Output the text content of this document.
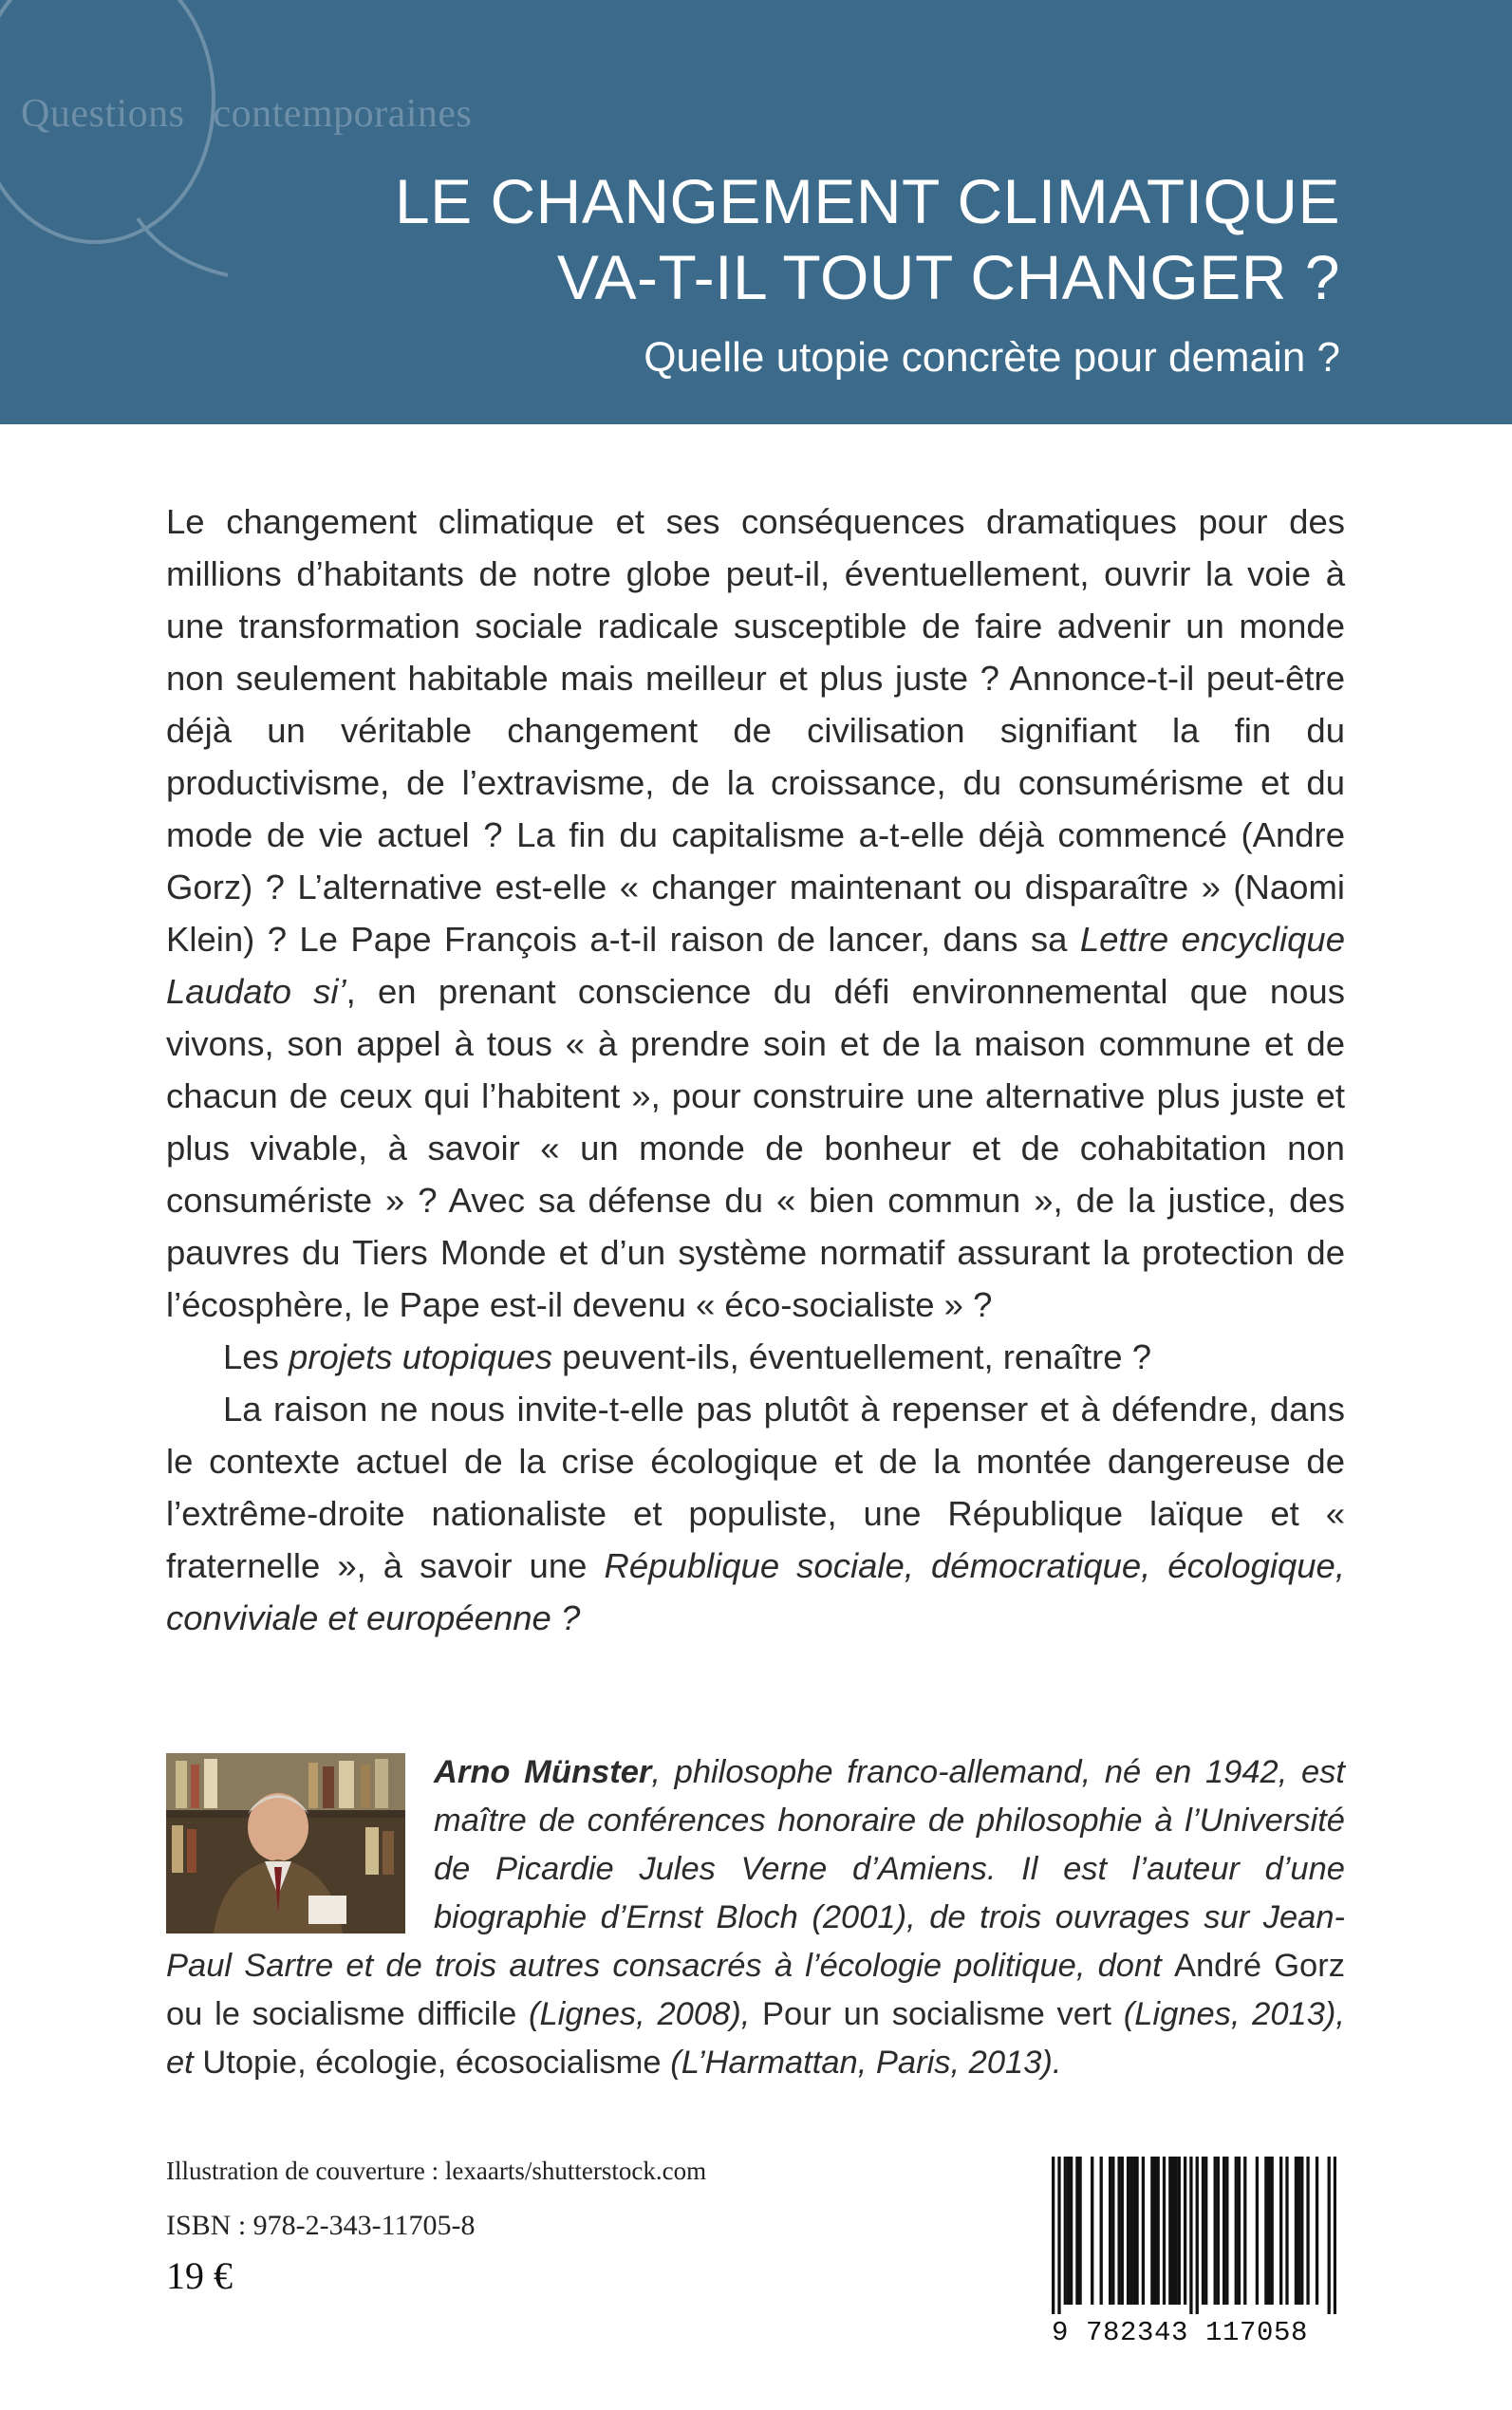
Questions contemporaines
LE CHANGEMENT CLIMATIQUE
VA-T-IL TOUT CHANGER ?
Quelle utopie concrète pour demain ?

Le changement climatique et ses conséquences dramatiques pour des millions d’habitants de notre globe peut-il, éventuellement, ouvrir la voie à une transformation sociale radicale susceptible de faire advenir un monde non seulement habitable mais meilleur et plus juste ? Annonce-t-il peut-être déjà un véritable changement de civilisation signifiant la fin du productivisme, de l’extravisme, de la croissance, du consumérisme et du mode de vie actuel ? La fin du capitalisme a-t-elle déjà commencé (Andre Gorz) ? L’alternative est-elle « changer maintenant ou disparaître » (Naomi Klein) ? Le Pape François a-t-il raison de lancer, dans sa Lettre encyclique Laudato si’, en prenant conscience du défi environnemental que nous vivons, son appel à tous « à prendre soin et de la maison commune et de chacun de ceux qui l’habitent », pour construire une alternative plus juste et plus vivable, à savoir « un monde de bonheur et de cohabitation non consumériste » ? Avec sa défense du « bien commun », de la justice, des pauvres du Tiers Monde et d’un système normatif assurant la protection de l’écosphère, le Pape est-il devenu « éco-socialiste » ?

Les projets utopiques peuvent-ils, éventuellement, renaître ?

La raison ne nous invite-t-elle pas plutôt à repenser et à défendre, dans le contexte actuel de la crise écologique et de la montée dangereuse de l’extrême-droite nationaliste et populiste, une République laïque et « fraternelle », à savoir une République sociale, démocratique, écologique, conviviale et européenne ?

Arno Münster, philosophe franco-allemand, né en 1942, est maître de conférences honoraire de philosophie à l’Université de Picardie Jules Verne d’Amiens. Il est l’auteur d’une biographie d’Ernst Bloch (2001), de trois ouvrages sur Jean-Paul Sartre et de trois autres consacrés à l’écologie politique, dont André Gorz ou le socialisme difficile (Lignes, 2008), Pour un socialisme vert (Lignes, 2013), et Utopie, écologie, écosocialisme (L’Harmattan, Paris, 2013).
Illustration de couverture : lexaarts/shutterstock.com
ISBN : 978-2-343-11705-8
19 €
9 782343 117058
